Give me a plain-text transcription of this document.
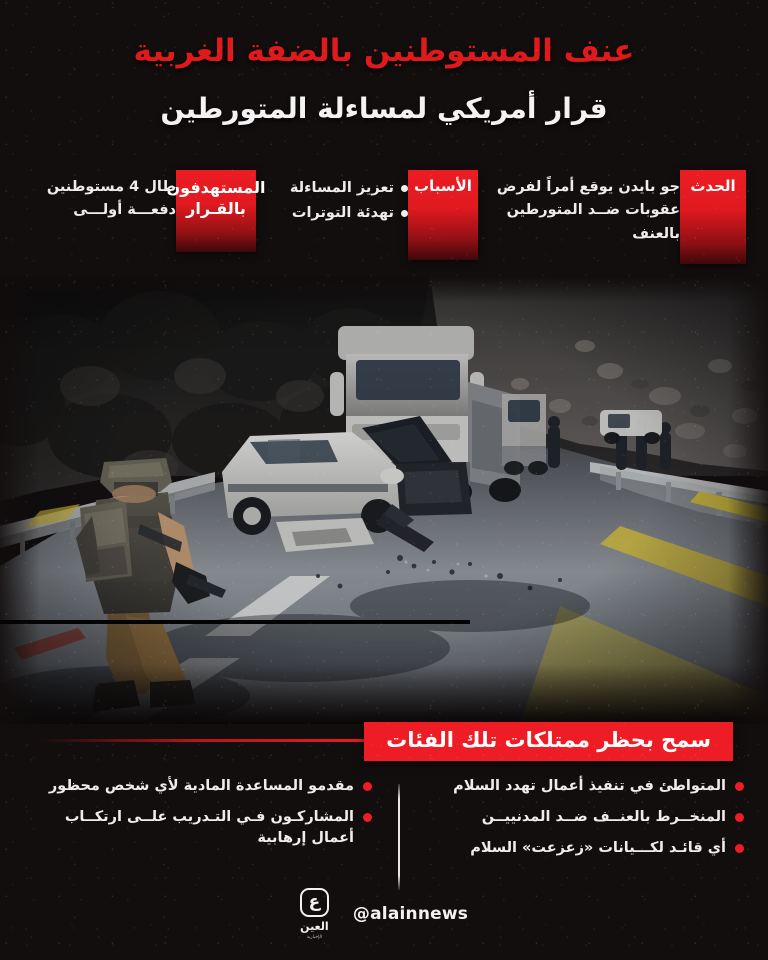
عنف المستوطنين بالضفة الغربية
قرار أمريكي لمساءلة المتورطين
الحدث
جو بايدن يوقع أمراً لفرض
عقوبات ضــد المتورطين
بالعنف
الأسباب
تعزيز المساءلة
تهدئة التوترات
المستهدفون
بالقـرار
طال 4 مستوطنين
دفعـــة أولـــى
سمح بحظر ممتلكات تلك الفئات
المتواطئ في تنفيذ أعمال تهدد السلام
المنخــرط بالعنــف ضــد المدنييــن
أي قائـد لكـــيانات «زعزعت» السلام
مقدمو المساعدة المادية لأي شخص محظور
المشاركـون فـي التـدريب علــى ارتكــاب
أعمال إرهابية
ع
العين
الإخبارية
@alainnews
